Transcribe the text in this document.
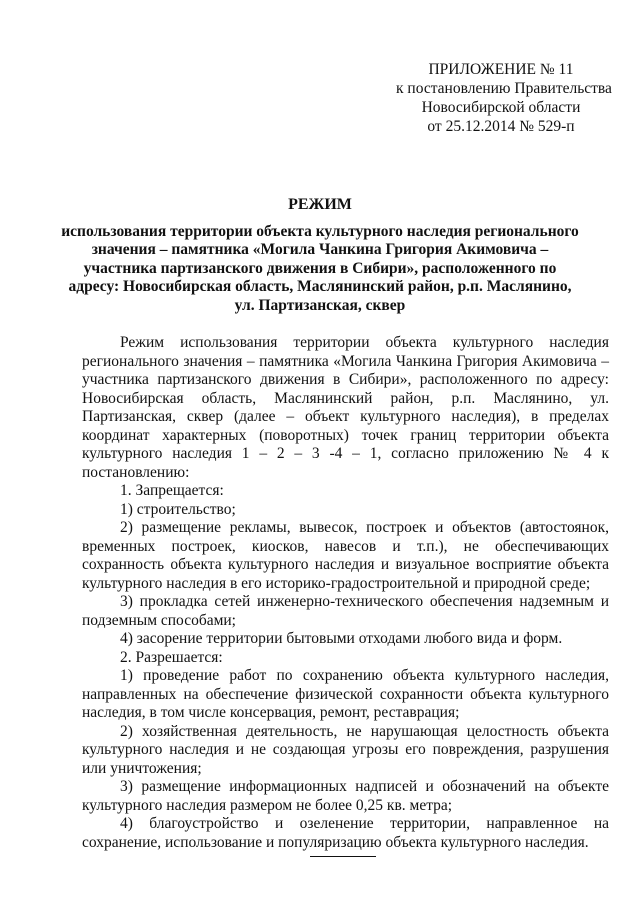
ПРИЛОЖЕНИЕ № 11
к постановлению Правительства
Новосибирской области
от 25.12.2014 № 529-п
РЕЖИМ
использования территории объекта культурного наследия регионального значения – памятника «Могила Чанкина Григория Акимовича – участника партизанского движения в Сибири», расположенного по адресу: Новосибирская область, Маслянинский район, р.п. Маслянино, ул. Партизанская, сквер

Режим использования территории объекта культурного наследия регионального значения – памятника «Могила Чанкина Григория Акимовича – участника партизанского движения в Сибири», расположенного по адресу: Новосибирская область, Маслянинский район, р.п. Маслянино, ул. Партизанская, сквер (далее – объект культурного наследия), в пределах координат характерных (поворотных) точек границ территории объекта культурного наследия 1 – 2 – 3 -4 – 1, согласно приложению № 4 к постановлению:

1. Запрещается:

1) строительство;

2) размещение рекламы, вывесок, построек и объектов (автостоянок, временных построек, киосков, навесов и т.п.), не обеспечивающих сохранность объекта культурного наследия и визуальное восприятие объекта культурного наследия в его историко-градостроительной и природной среде;

3) прокладка сетей инженерно-технического обеспечения надземным и подземным способами;

4) засорение территории бытовыми отходами любого вида и форм.

2. Разрешается:

1) проведение работ по сохранению объекта культурного наследия, направленных на обеспечение физической сохранности объекта культурного наследия, в том числе консервация, ремонт, реставрация;

2) хозяйственная деятельность, не нарушающая целостность объекта культурного наследия и не создающая угрозы его повреждения, разрушения или уничтожения;

3) размещение информационных надписей и обозначений на объекте культурного наследия размером не более 0,25 кв. метра;

4) благоустройство и озеленение территории, направленное на сохранение, использование и популяризацию объекта культурного наследия.
